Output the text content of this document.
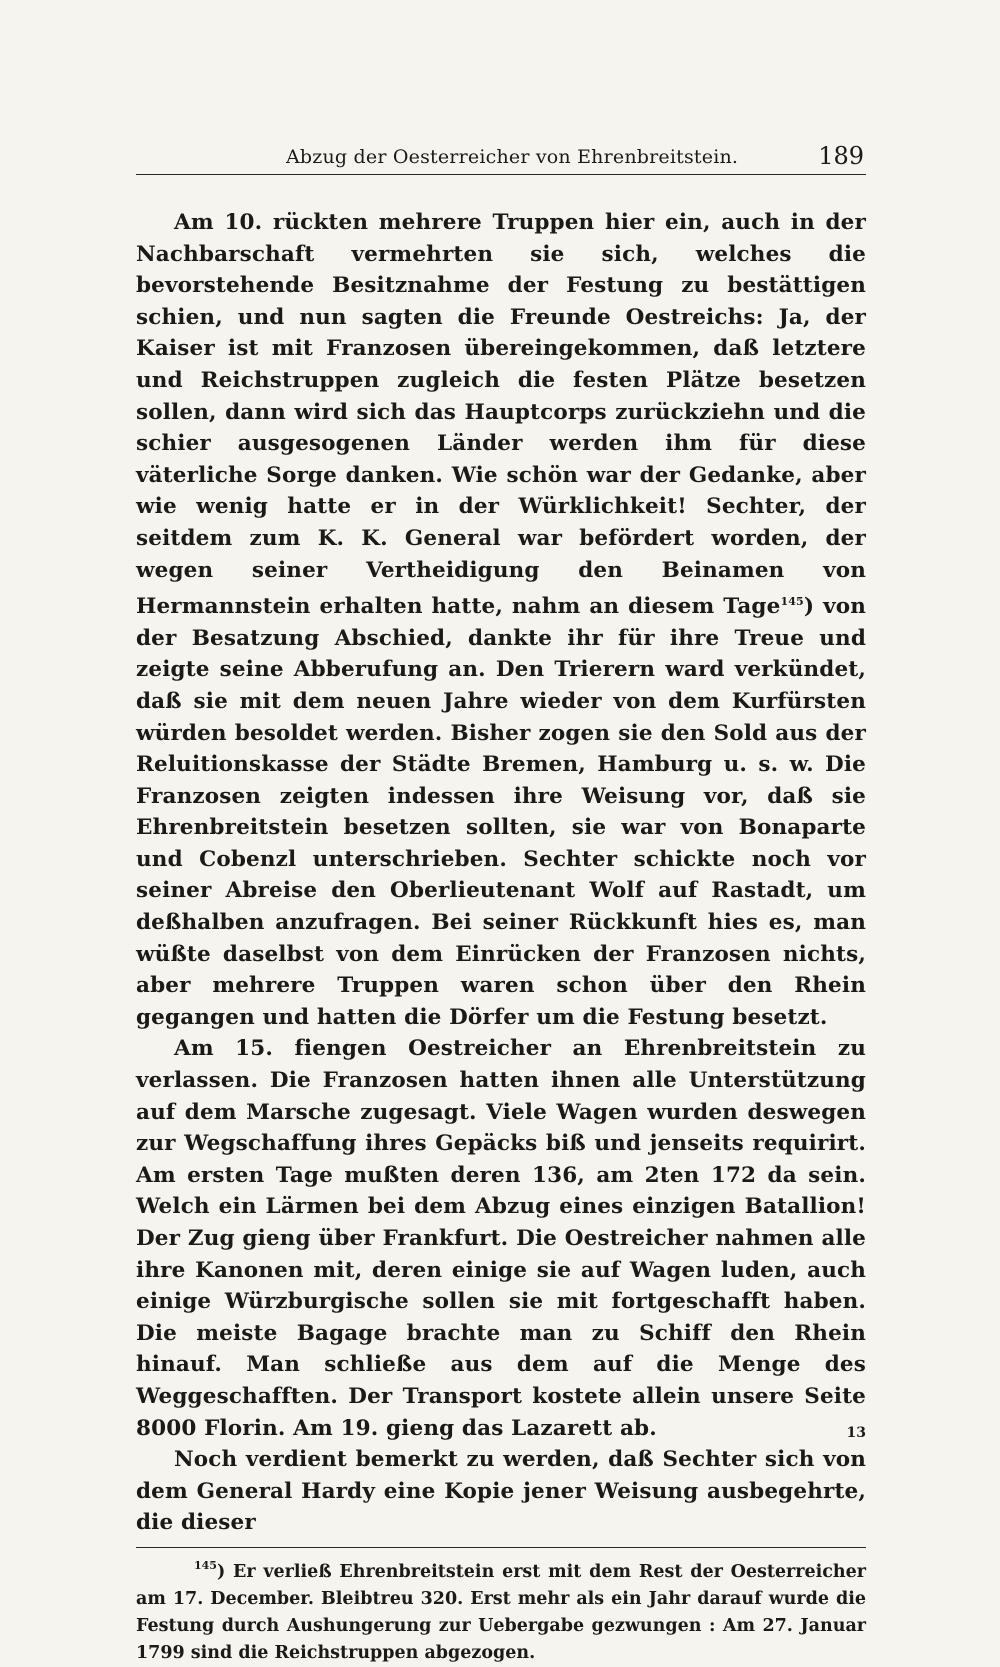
Abzug der Oesterreicher von Ehrenbreitstein.	189

Am 10. rückten mehrere Truppen hier ein, auch in der Nachbarschaft vermehrten sie sich, welches die bevorstehende Besitznahme der Festung zu bestättigen schien, und nun sagten die Freunde Oestreichs: Ja, der Kaiser ist mit Franzosen übereingekommen, daß letztere und Reichstruppen zugleich die festen Plätze besetzen sollen, dann wird sich das Hauptcorps zurückziehn und die schier ausgesogenen Länder werden ihm für diese väterliche Sorge danken. Wie schön war der Gedanke, aber wie wenig hatte er in der Würklichkeit! Sechter, der seitdem zum K. K. General war befördert worden, der wegen seiner Vertheidigung den Beinamen von Hermannstein erhalten hatte, nahm an diesem Tage$^{145}$) von der Besatzung Abschied, dankte ihr für ihre Treue und zeigte seine Abberufung an. Den Trierern ward verkündet, daß sie mit dem neuen Jahre wieder von dem Kurfürsten würden besoldet werden. Bisher zogen sie den Sold aus der Reluitionskasse der Städte Bremen, Hamburg u. s. w. Die Franzosen zeigten indessen ihre Weisung vor, daß sie Ehrenbreitstein besetzen sollten, sie war von Bonaparte und Cobenzl unterschrieben. Sechter schickte noch vor seiner Abreise den Oberlieutenant Wolf auf Rastadt, um deßhalben anzufragen. Bei seiner Rückkunft hies es, man wüßte daselbst von dem Einrücken der Franzosen nichts, aber mehrere Truppen waren schon über den Rhein gegangen und hatten die Dörfer um die Festung besetzt.

Am 15. fiengen Oestreicher an Ehrenbreitstein zu verlassen. Die Franzosen hatten ihnen alle Unterstützung auf dem Marsche zugesagt. Viele Wagen wurden deswegen zur Wegschaffung ihres Gepäcks biß und jenseits requirirt. Am ersten Tage mußten deren 136, am 2ten 172 da sein. Welch ein Lärmen bei dem Abzug eines einzigen Batallion! Der Zug gieng über Frankfurt. Die Oestreicher nahmen alle ihre Kanonen mit, deren einige sie auf Wagen luden, auch einige Würzburgische sollen sie mit fortgeschafft haben. Die meiste Bagage brachte man zu Schiff den Rhein hinauf. Man schließe aus dem auf die Menge des Weggeschafften. Der Transport kostete allein unsere Seite 8000 Florin. Am 19. gieng das Lazarett ab.

Noch verdient bemerkt zu werden, daß Sechter sich von dem General Hardy eine Kopie jener Weisung ausbegehrte, die dieser

$^{145}$) Er verließ Ehrenbreitstein erst mit dem Rest der Oesterreicher am 17. December. Bleibtreu 320. Erst mehr als ein Jahr darauf wurde die Festung durch Aushungerung zur Uebergabe gezwungen : Am 27. Januar 1799 sind die Reichstruppen abgezogen.
13
